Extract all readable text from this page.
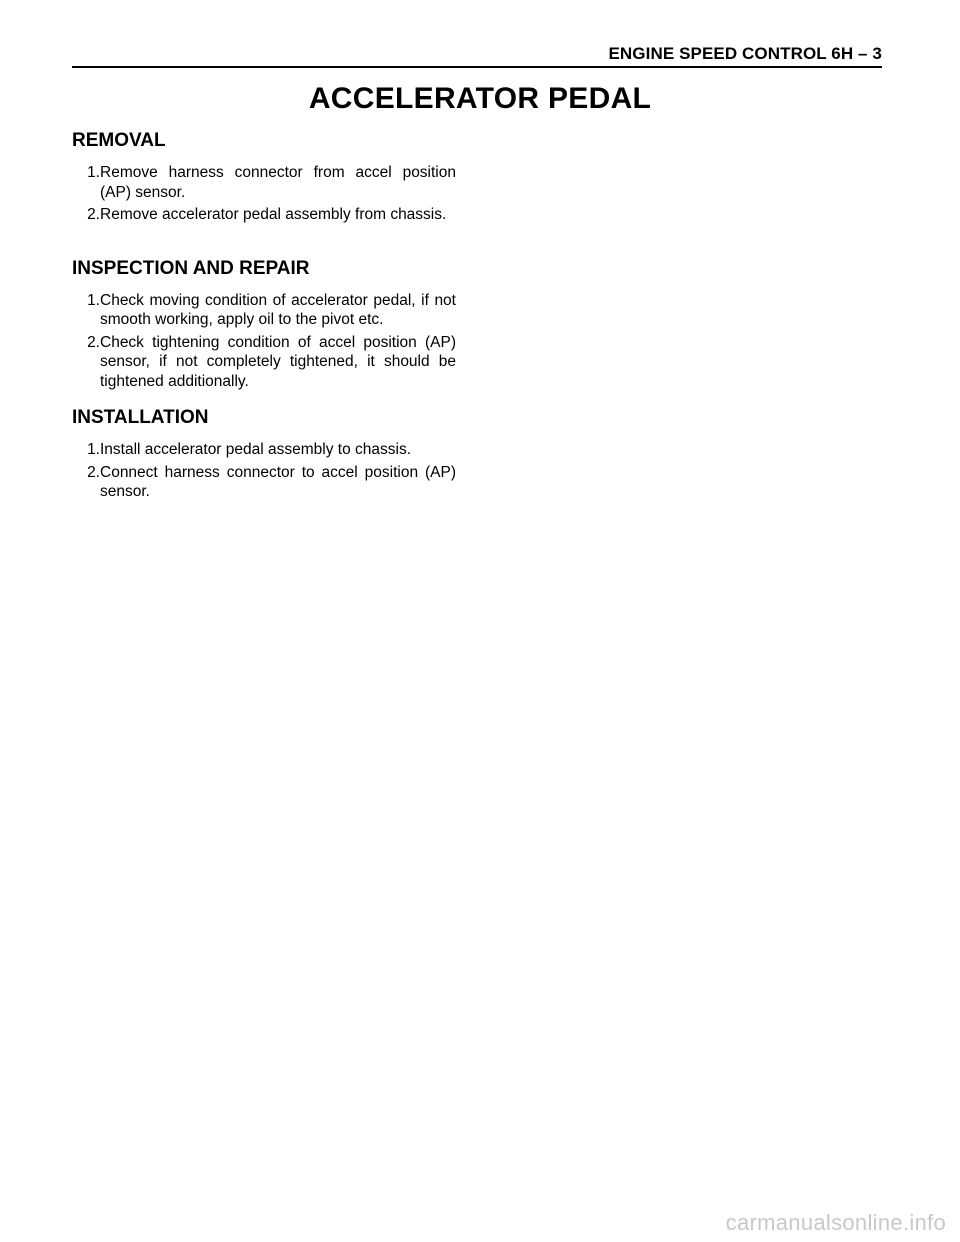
ENGINE SPEED CONTROL 6H – 3
ACCELERATOR PEDAL
REMOVAL
1. Remove harness connector from accel position (AP) sensor.
2. Remove accelerator pedal assembly from chassis.
INSPECTION AND REPAIR
1. Check moving condition of accelerator pedal, if not smooth working, apply oil to the pivot etc.
2. Check tightening condition of accel position (AP) sensor, if not completely tightened, it should be tightened additionally.
INSTALLATION
1. Install accelerator pedal assembly to chassis.
2. Connect harness connector to accel position (AP) sensor.
carmanualsonline.info
